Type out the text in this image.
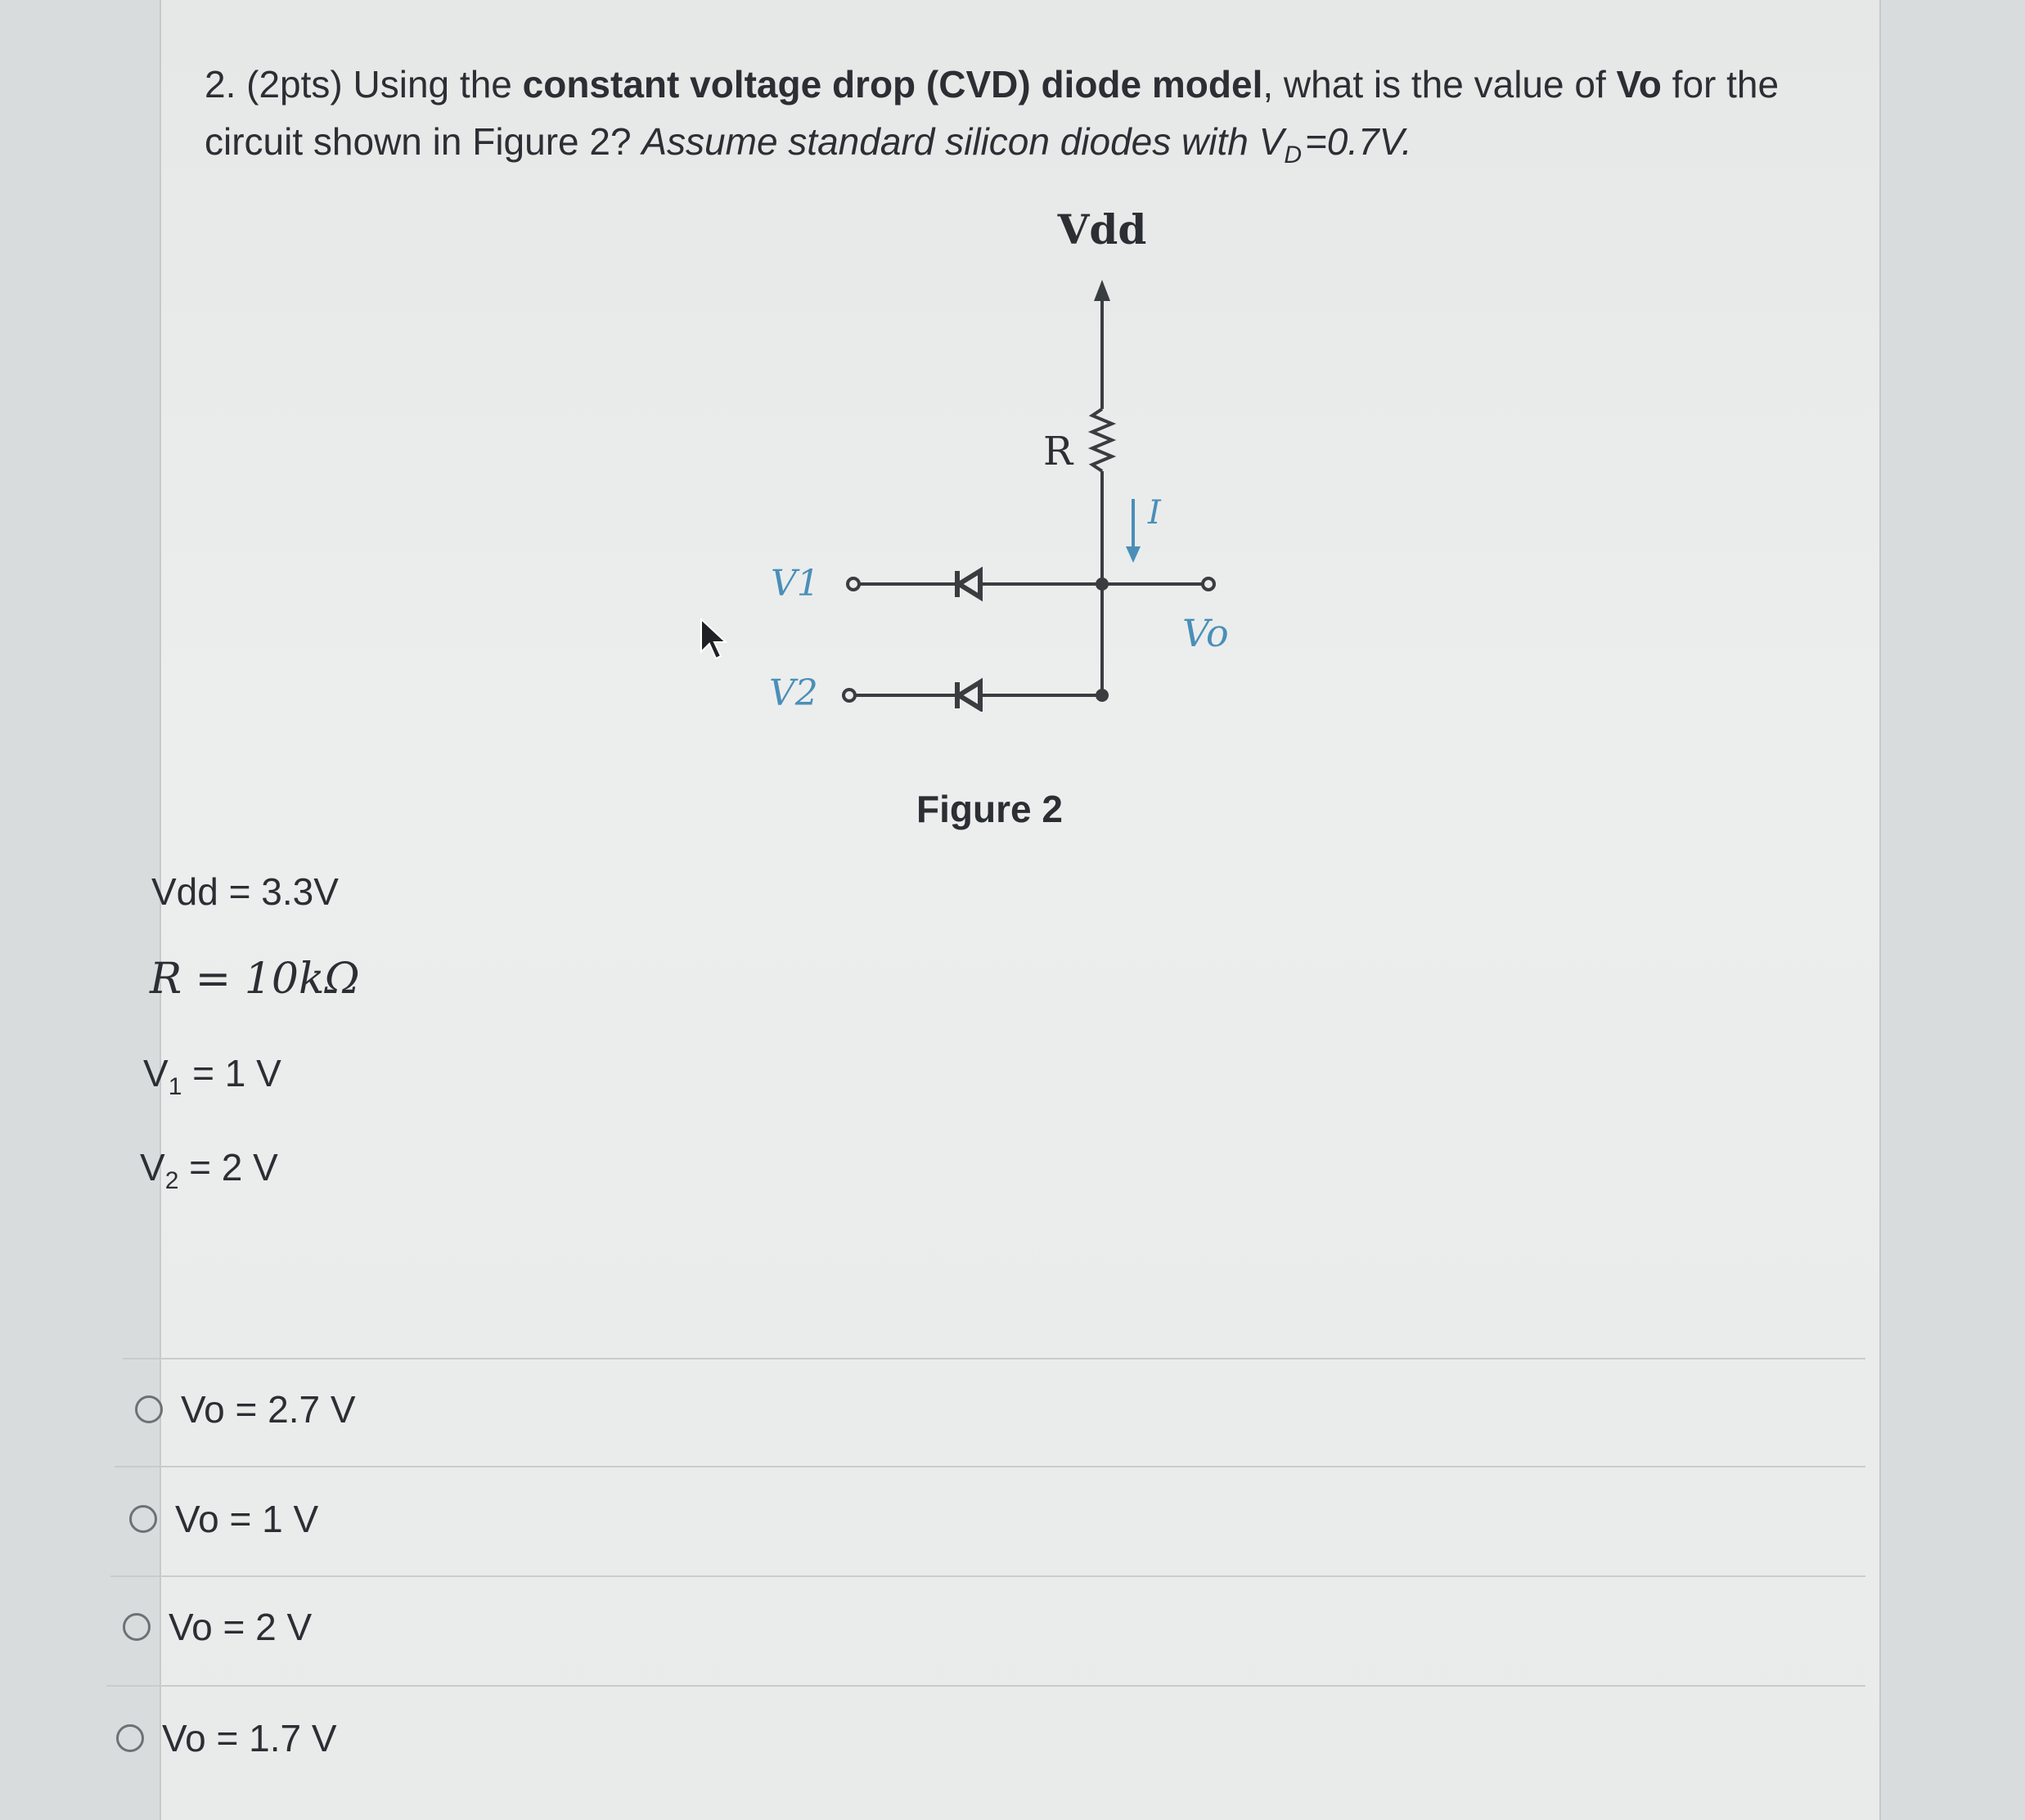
2. (2pts) Using the constant voltage drop (CVD) diode model, what is the value of Vo for the circuit shown in Figure 2? Assume standard silicon diodes with $V_D$ =0.7V.
Vdd
R
I
V1
Vo
V2
Figure 2
Vdd = 3.3V
R = 10kΩ
$V_1 = 1$ V
$V_2 = 2$ V
Vo = 2.7 V
Vo = 1 V
Vo = 2 V
Vo = 1.7 V
